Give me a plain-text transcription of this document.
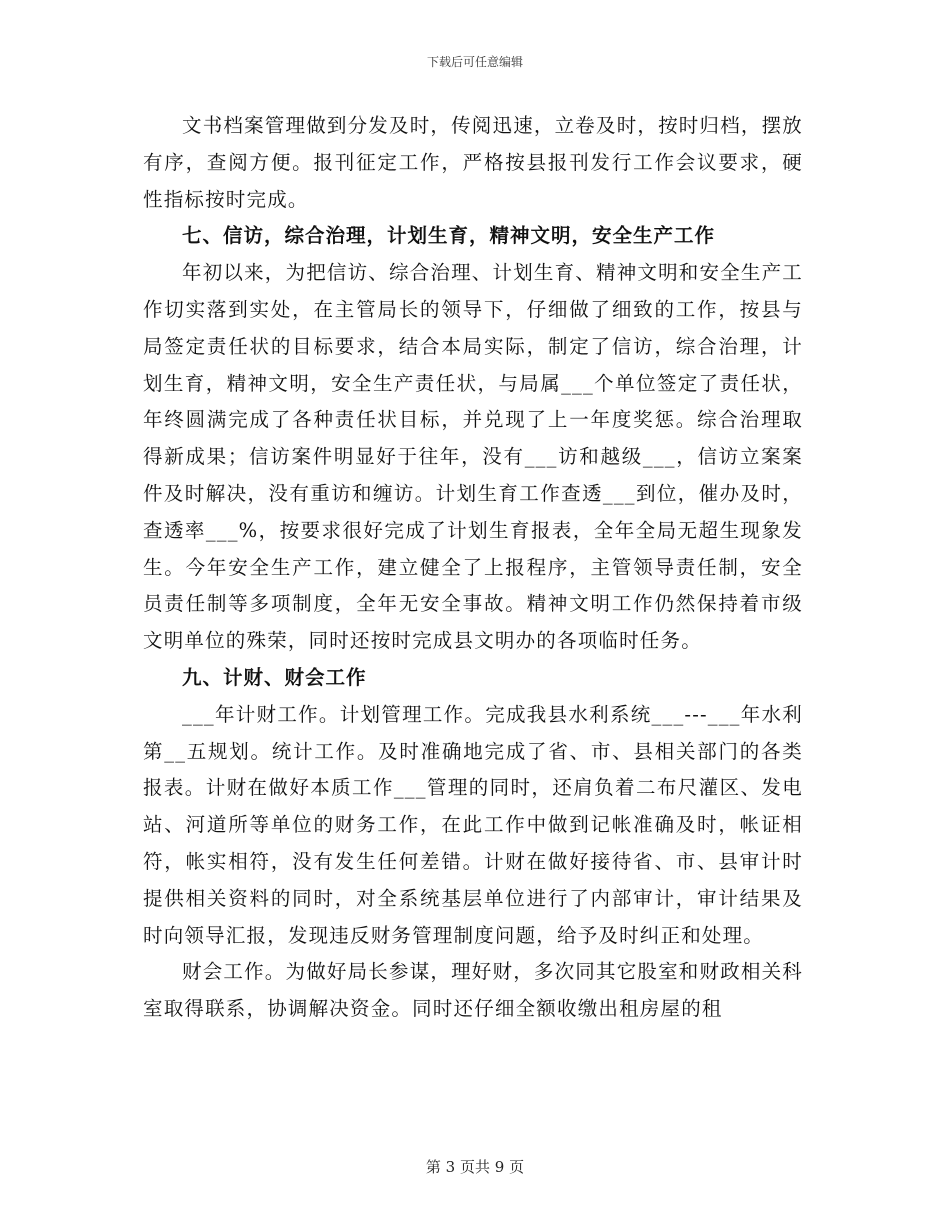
下载后可任意编辑

文书档案管理做到分发及时，传阅迅速，立卷及时，按时归档，摆放有序，查阅方便。报刊征定工作，严格按县报刊发行工作会议要求，硬性指标按时完成。

七、信访，综合治理，计划生育，精神文明，安全生产工作

年初以来，为把信访、综合治理、计划生育、精神文明和安全生产工作切实落到实处，在主管局长的领导下，仔细做了细致的工作，按县与局签定责任状的目标要求，结合本局实际，制定了信访，综合治理，计划生育，精神文明，安全生产责任状，与局属___个单位签定了责任状，年终圆满完成了各种责任状目标，并兑现了上一年度奖惩。综合治理取得新成果；信访案件明显好于往年，没有___访和越级___，信访立案案件及时解决，没有重访和缠访。计划生育工作查透___到位，催办及时，查透率___%，按要求很好完成了计划生育报表，全年全局无超生现象发生。今年安全生产工作，建立健全了上报程序，主管领导责任制，安全员责任制等多项制度，全年无安全事故。精神文明工作仍然保持着市级文明单位的殊荣，同时还按时完成县文明办的各项临时任务。

九、计财、财会工作

___年计财工作。计划管理工作。完成我县水利系统___---___年水利第__五规划。统计工作。及时准确地完成了省、市、县相关部门的各类报表。计财在做好本质工作___管理的同时，还肩负着二布尺灌区、发电站、河道所等单位的财务工作，在此工作中做到记帐准确及时，帐证相符，帐实相符，没有发生任何差错。计财在做好接待省、市、县审计时提供相关资料的同时，对全系统基层单位进行了内部审计，审计结果及时向领导汇报，发现违反财务管理制度问题，给予及时纠正和处理。

财会工作。为做好局长参谋，理好财，多次同其它股室和财政相关科室取得联系，协调解决资金。同时还仔细全额收缴出租房屋的租

第 3 页共 9 页
